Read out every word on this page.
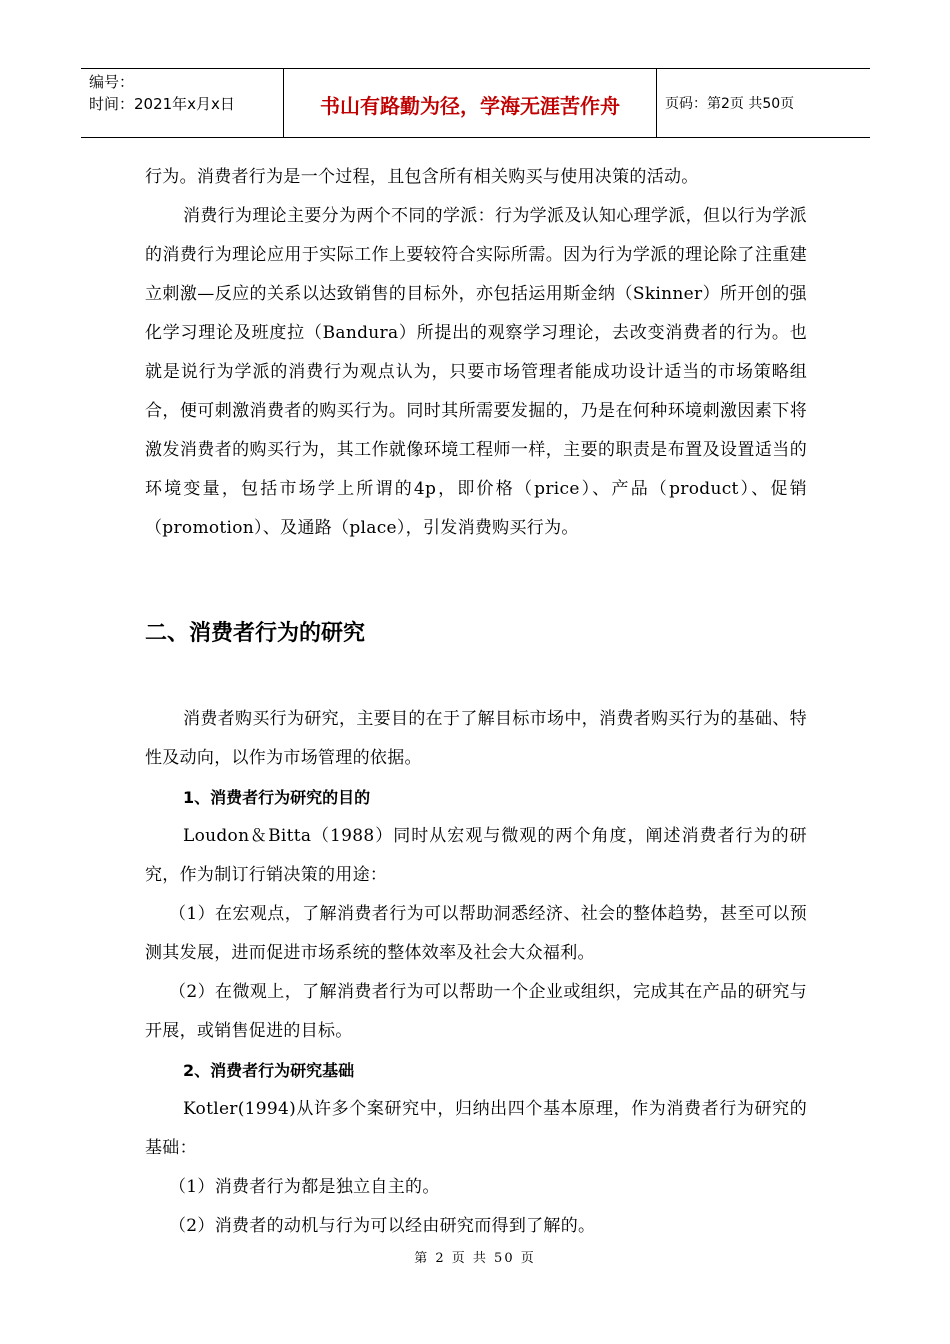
编号：
时间：2021年x月x日	书山有路勤为径，学海无涯苦作舟	页码：第2页 共50页

行为。消费者行为是一个过程，且包含所有相关购买与使用决策的活动。

消费行为理论主要分为两个不同的学派：行为学派及认知心理学派，但以行为学派的消费行为理论应用于实际工作上要较符合实际所需。因为行为学派的理论除了注重建立刺激—反应的关系以达致销售的目标外，亦包括运用斯金纳（Skinner）所开创的强化学习理论及班度拉（Bandura）所提出的观察学习理论，去改变消费者的行为。也就是说行为学派的消费行为观点认为，只要市场管理者能成功设计适当的市场策略组合，便可刺激消费者的购买行为。同时其所需要发掘的，乃是在何种环境刺激因素下将激发消费者的购买行为，其工作就像环境工程师一样，主要的职责是布置及设置适当的环境变量，包括市场学上所谓的4p，即价格（price）、产品（product）、促销（promotion）、及通路（place），引发消费购买行为。

二、消费者行为的研究

消费者购买行为研究，主要目的在于了解目标市场中，消费者购买行为的基础、特性及动向，以作为市场管理的依据。

1、消费者行为研究的目的

Loudon＆Bitta（1988）同时从宏观与微观的两个角度，阐述消费者行为的研究，作为制订行销决策的用途：

（1）在宏观点，了解消费者行为可以帮助洞悉经济、社会的整体趋势，甚至可以预测其发展，进而促进市场系统的整体效率及社会大众福利。

（2）在微观上，了解消费者行为可以帮助一个企业或组织，完成其在产品的研究与开展，或销售促进的目标。

2、消费者行为研究基础

Kotler(1994)从许多个案研究中，归纳出四个基本原理，作为消费者行为研究的基础：

（1）消费者行为都是独立自主的。

（2）消费者的动机与行为可以经由研究而得到了解的。

第 2 页 共 50 页
